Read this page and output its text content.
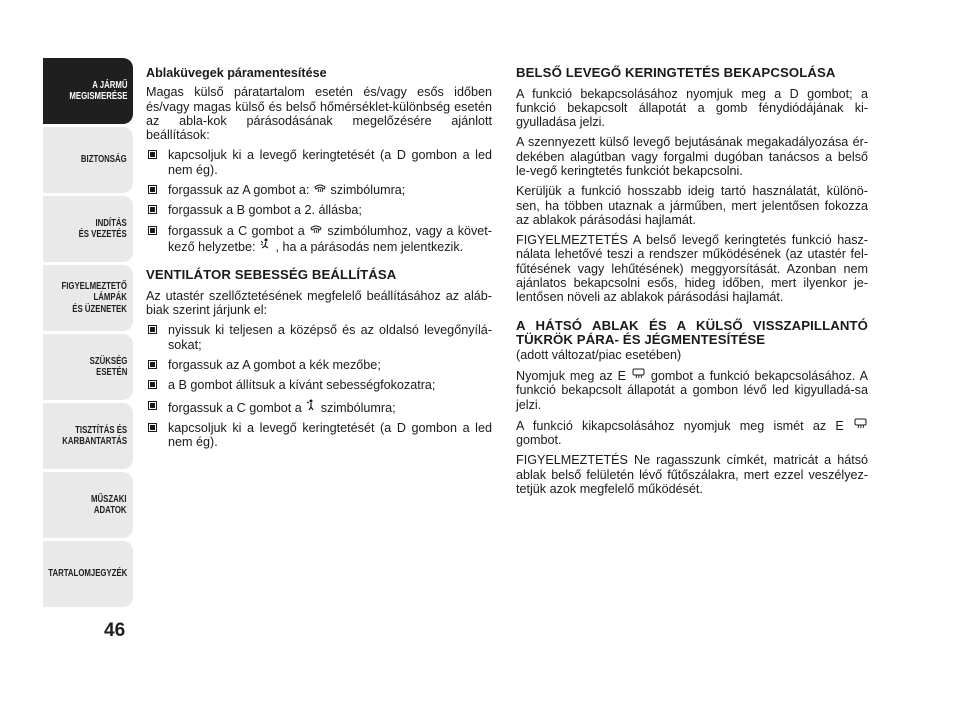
A JÁRMŰ
MEGISMERÉSE
BIZTONSÁG
INDÍTÁS
ÉS VEZETÉS
FIGYELMEZTETŐ
LÁMPÁK
ÉS ÜZENETEK
SZÜKSÉG
ESETÉN
TISZTÍTÁS ÉS
KARBANTARTÁS
MŰSZAKI
ADATOK
TARTALOMJEGYZÉK
46

Ablaküvegek páramentesítése

Magas külső páratartalom esetén és/vagy esős időben és/vagy magas külső és belső hőmérséklet-különbség esetén az abla-kok párásodásának megelőzésére ajánlott beállítások:

kapcsoljuk ki a levegő keringtetését (a D gombon a led nem ég).
forgassuk az A gombot a: szimbólumra;
forgassuk a B gombot a 2. állásba;
forgassuk a C gombot a szimbólumhoz, vagy a követ-kező helyzetbe: , ha a párásodás nem jelentkezik.

VENTILÁTOR SEBESSÉG BEÁLLÍTÁSA

Az utastér szellőztetésének megfelelő beállításához az aláb-biak szerint járjunk el:

nyissuk ki teljesen a középső és az oldalsó levegőnyílá-sokat;
forgassuk az A gombot a kék mezőbe;
a B gombot állítsuk a kívánt sebességfokozatra;
forgassuk a C gombot a szimbólumra;
kapcsoljuk ki a levegő keringtetését (a D gombon a led nem ég).

BELSŐ LEVEGŐ KERINGTETÉS BEKAPCSOLÁSA

A funkció bekapcsolásához nyomjuk meg a D gombot; a funkció bekapcsolt állapotát a gomb fénydiódájának ki-gyulladása jelzi.

A szennyezett külső levegő bejutásának megakadályozása ér-dekében alagútban vagy forgalmi dugóban tanácsos a belső le-vegő keringtetés funkciót bekapcsolni.

Kerüljük a funkció hosszabb ideig tartó használatát, különö-sen, ha többen utaznak a járműben, mert jelentősen fokozza az ablakok párásodási hajlamát.

FIGYELMEZTETÉS A belső levegő keringtetés funkció hasz-nálata lehetővé teszi a rendszer működésének (az utastér fel-fűtésének vagy lehűtésének) meggyorsítását. Azonban nem ajánlatos bekapcsolni esős, hideg időben, mert ilyenkor je-lentősen növeli az ablakok párásodási hajlamát.

A HÁTSÓ ABLAK ÉS A KÜLSŐ VISSZAPILLANTÓ TÜKRÖK PÁRA- ÉS JÉGMENTESÍTÉSE

(adott változat/piac esetében)

Nyomjuk meg az E gombot a funkció bekapcsolásához. A funkció bekapcsolt állapotát a gombon lévő led kigyulladá-sa jelzi.

A funkció kikapcsolásához nyomjuk meg ismét az E  gombot.

FIGYELMEZTETÉS Ne ragasszunk címkét, matricát a hátsó ablak belső felületén lévő fűtőszálakra, mert ezzel veszélyez-tetjük azok megfelelő működését.
